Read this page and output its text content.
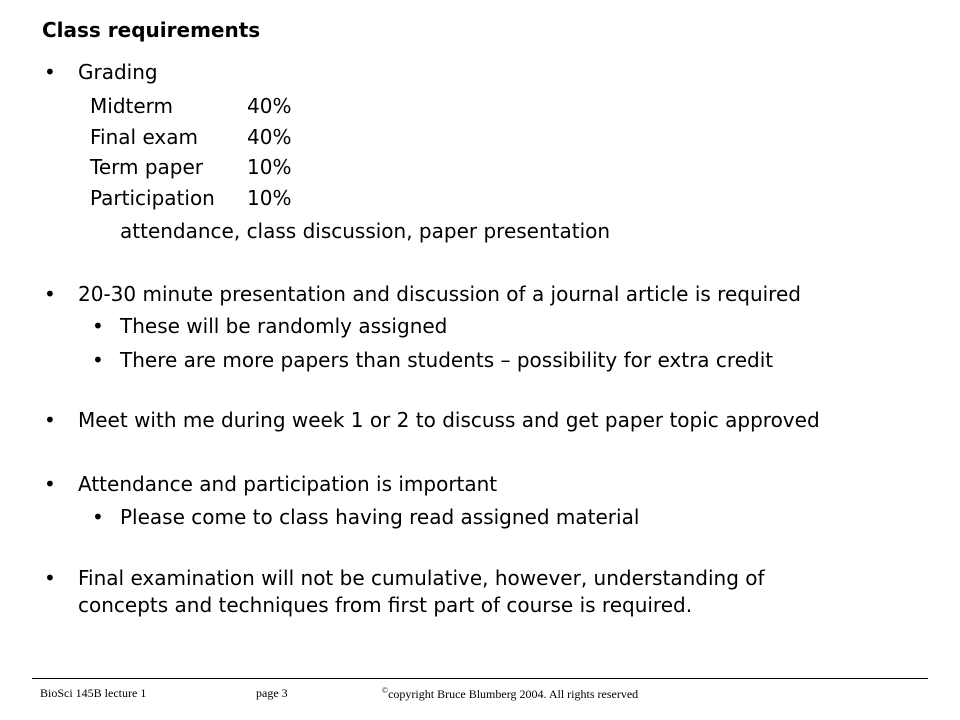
Class requirements
• Grading
Midterm	40%
Final exam 40%
Term paper 10%
Participation 10%
attendance, class discussion, paper presentation
• 20-30 minute presentation and discussion of a journal article is required
• These will be randomly assigned
• There are more papers than students – possibility for extra credit
• Meet with me during week 1 or 2 to discuss and get paper topic approved
• Attendance and participation is important
• Please come to class having read assigned material
• Final examination will not be cumulative, however, understanding of
concepts and techniques from first part of course is required.
BioSci 145B lecture 1	page 3	©copyright Bruce Blumberg 2004. All rights reserved
